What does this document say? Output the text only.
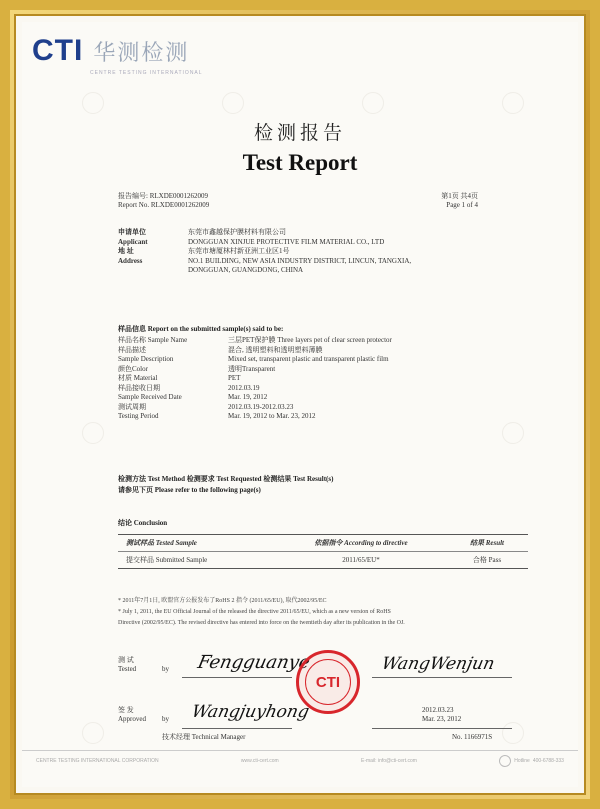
CTI 华测检测
CENTRE TESTING INTERNATIONAL
检测报告
Test Report
报告编号: RLXDE0001262009
Report No. RLXDE0001262009
第1页 共4页
Page 1 of 4
申请单位	东莞市鑫越保护膜材料有限公司
Applicant	DONGGUAN XINJUE PROTECTIVE FILM MATERIAL CO., LTD
地 址	东莞市塘厦林村新亚洲工业区1号
Address	NO.1 BUILDING, NEW ASIA INDUSTRY DISTRICT, LINCUN, TANGXIA,
DONGGUAN, GUANGDONG, CHINA
样品信息 Report on the submitted sample(s) said to be:
样品名称 Sample Name	三层PET保护膜 Three layers pet of clear screen protector
样品描述	混合, 透明塑料和透明塑料薄膜
Sample Description	Mixed set, transparent plastic and transparent plastic film
颜色Color	透明Transparent
材质 Material	PET
样品接收日期	2012.03.19
Sample Received Date	Mar. 19, 2012
测试周期	2012.03.19-2012.03.23
Testing Period	Mar. 19, 2012 to Mar. 23, 2012
检测方法 Test Method 检测要求 Test Requested 检测结果 Test Result(s)
请参见下页 Please refer to the following page(s)
结论 Conclusion
测试样品 Tested Sample	依据指令 According to directive	结果 Result
提交样品 Submitted Sample	2011/65/EU*	合格 Pass
* 2011年7月1日, 欧盟官方公报发布了RoHS 2 指令 (2011/65/EU), 取代2002/95/EC
* July 1, 2011, the EU Official Journal of the released the directive 2011/65/EU, which as a new version of RoHS
Directive (2002/95/EC). The revised directive has entered into force on the twentieth day after its publication in the OJ.
测 试
Tested	by Fengguanye	WangWenjun
CTI
签 发
Approved by Wangjuyhong
技术经理 Technical Manager
2012.03.23
Mar. 23, 2012
No. 1166971S
CENTRE TESTING INTERNATIONAL CORPORATION	www.cti-cert.com	E-mail: info@cti-cert.com	Hotline 400-6788-333
